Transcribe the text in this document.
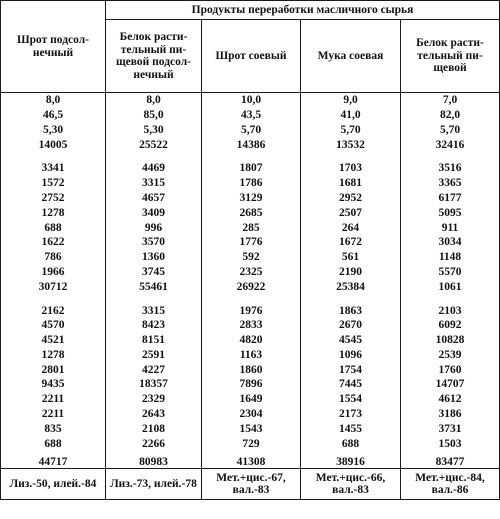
Шрот подсол-нечный	Продукты переработки масличного сырья			
	Белок расти-тельный пи-щевой подсол-нечный	Шрот соевый	Мука соевая	Белок расти-тельный пи-щевой
8,0	8,0	10,0	9,0	7,0
46,5	85,0	43,5	41,0	82,0
5,30	5,30	5,70	5,70	5,70
14005	25522	14386	13532	32416

3341	4469	1807	1703	3516
1572	3315	1786	1681	3365
2752	4657	3129	2952	6177
1278	3409	2685	2507	5095
688	996	285	264	911
1622	3570	1776	1672	3034
786	1360	592	561	1148
1966	3745	2325	2190	5570
30712	55461	26922	25384	1061

2162	3315	1976	1863	2103
4570	8423	2833	2670	6092
4521	8151	4820	4545	10828
1278	2591	1163	1096	2539
2801	4227	1860	1754	1760
9435	18357	7896	7445	14707
2211	2329	1649	1554	4612
2211	2643	2304	2173	3186
835	2108	1543	1455	3731
688	2266	729	688	1503
44717	80983	41308	38916	83477
Лиз.-50, илей.-84	Лиз.-73, илей.-78	Мет.+цис.-67, вал.-83	Мет.+цис.-66, вал.-83	Мет.+цис.-84, вал.-86
